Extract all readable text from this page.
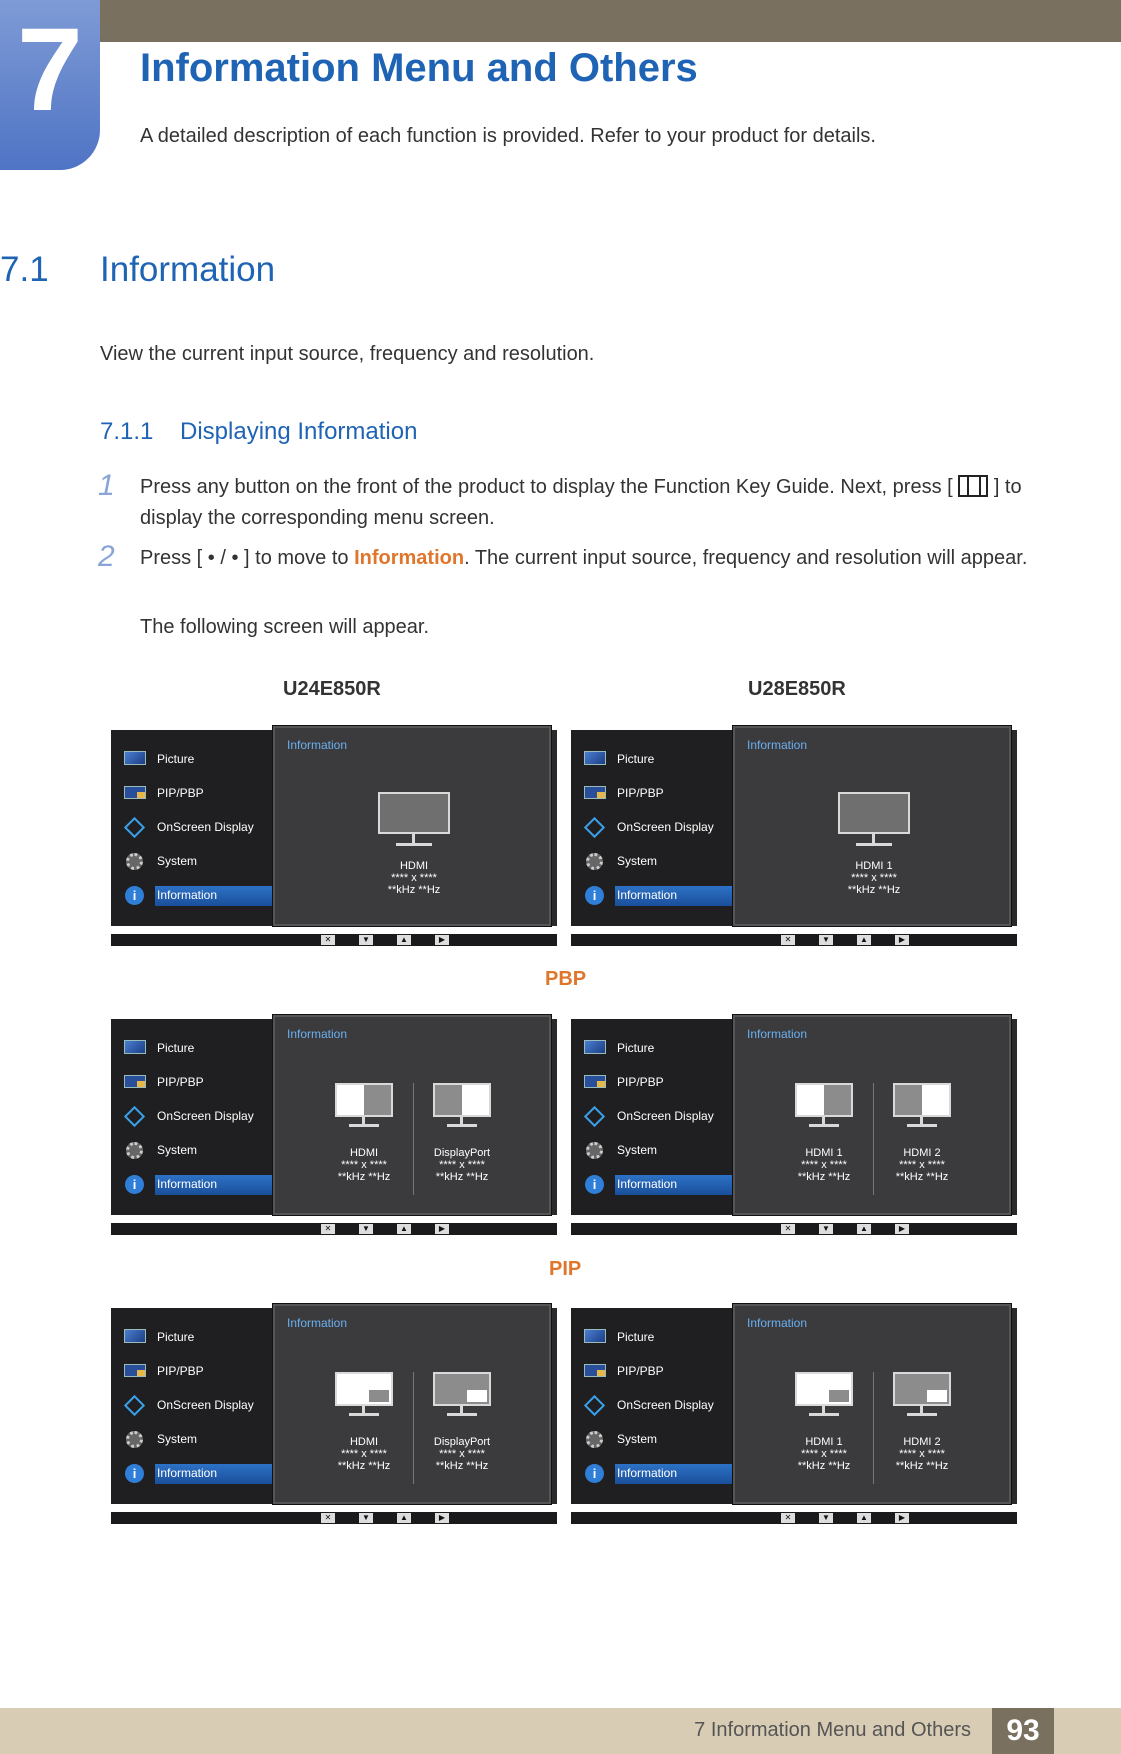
7	Information Menu and Others
A detailed description of each function is provided. Refer to your product for details.
7.1 Information
View the current input source, frequency and resolution.
7.1.1 Displaying Information
1 Press any button on the front of the product to display the Function Key Guide. Next, press [ ] to display the corresponding menu screen.
2 Press [ • / • ] to move to Information. The current input source, frequency and resolution will appear.
The following screen will appear.
U24E850R	U28E850R
PBP
PIP
Picture
PIP/PBP
OnScreen Display
System
i	Information
Information
HDMI
**** x ****
**kHz **Hz
✕	▼	▲	▶
Picture
PIP/PBP
OnScreen Display
System
i	Information
Information
HDMI 1
**** x ****
**kHz **Hz
✕	▼	▲	▶
Picture
PIP/PBP
OnScreen Display
System
i	Information
Information
HDMI
**** x ****
**kHz **Hz
DisplayPort
**** x ****
**kHz **Hz
✕	▼	▲	▶
Picture
PIP/PBP
OnScreen Display
System
i	Information
Information
HDMI 1
**** x ****
**kHz **Hz
HDMI 2
**** x ****
**kHz **Hz
✕	▼	▲	▶
Picture
PIP/PBP
OnScreen Display
System
i	Information
Information
HDMI
**** x ****
**kHz **Hz
DisplayPort
**** x ****
**kHz **Hz
✕	▼	▲	▶
Picture
PIP/PBP
OnScreen Display
System
i	Information
Information
HDMI 1
**** x ****
**kHz **Hz
HDMI 2
**** x ****
**kHz **Hz
✕	▼	▲	▶
7 Information Menu and Others	93
